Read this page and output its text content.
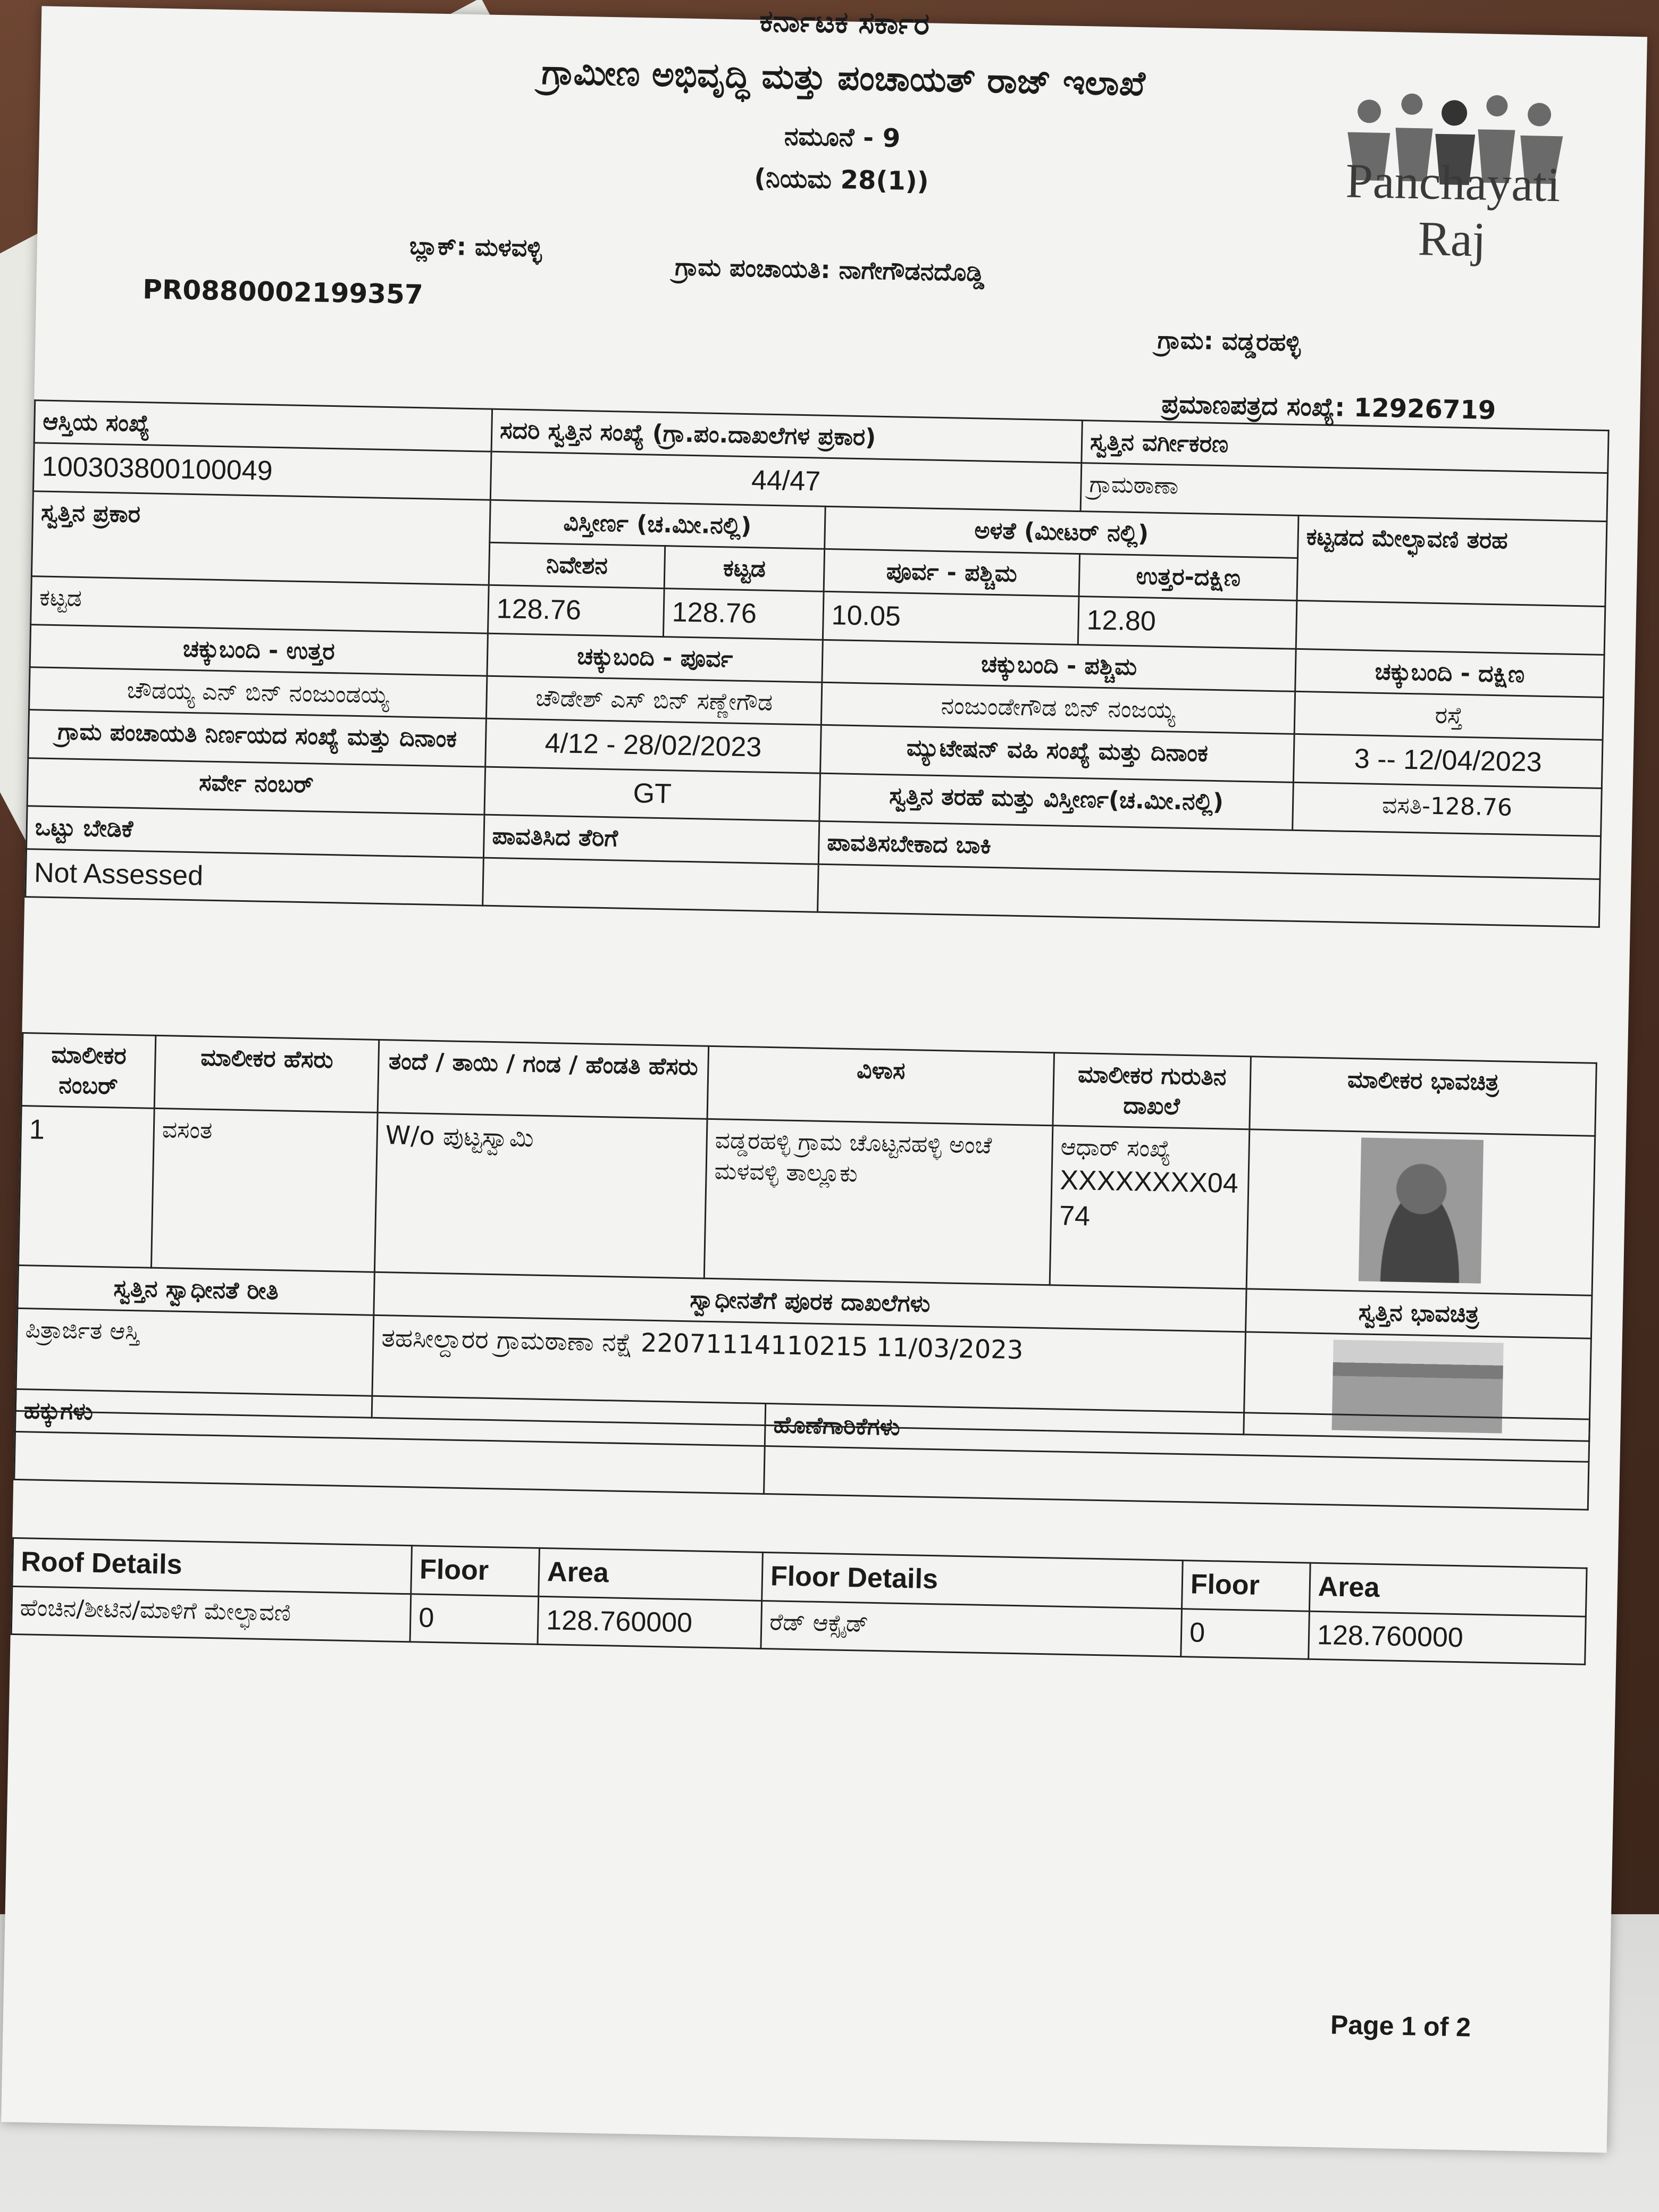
ಕರ್ನಾಟಕ ಸರ್ಕಾರ
ಗ್ರಾಮೀಣ ಅಭಿವೃದ್ಧಿ ಮತ್ತು ಪಂಚಾಯತ್ ರಾಜ್ ಇಲಾಖೆ
ನಮೂನೆ - 9
(ನಿಯಮ 28(1))	Panchayati Raj
ಬ್ಲಾಕ್: ಮಳವಳ್ಳಿ
ಗ್ರಾಮ ಪಂಚಾಯತಿ: ನಾಗೇಗೌಡನದೊಡ್ಡಿ
ಗ್ರಾಮ: ವಡ್ಡರಹಳ್ಳಿ
PR0880002199357
ಪ್ರಮಾಣಪತ್ರದ ಸಂಖ್ಯೆ: 12926719
ಆಸ್ತಿಯ ಸಂಖ್ಯೆ	ಸದರಿ ಸ್ವತ್ತಿನ ಸಂಖ್ಯೆ (ಗ್ರಾ.ಪಂ.ದಾಖಲೆಗಳ ಪ್ರಕಾರ)			ಸ್ವತ್ತಿನ ವರ್ಗೀಕರಣ	
100303800100049	44/47			ಗ್ರಾಮಠಾಣಾ	
ಸ್ವತ್ತಿನ ಪ್ರಕಾರ	ವಿಸ್ತೀರ್ಣ (ಚ.ಮೀ.ನಲ್ಲಿ)		ಅಳತೆ (ಮೀಟರ್ ನಲ್ಲಿ)		ಕಟ್ಟಡದ ಮೇಲ್ಛಾವಣಿ ತರಹ
	ನಿವೇಶನ	ಕಟ್ಟಡ	ಪೂರ್ವ - ಪಶ್ಚಿಮ	ಉತ್ತರ-ದಕ್ಷಿಣ	
ಕಟ್ಟಡ	128.76	128.76	10.05	12.80	
ಚಕ್ಕುಬಂದಿ - ಉತ್ತರ	ಚಕ್ಕುಬಂದಿ - ಪೂರ್ವ		ಚಕ್ಕುಬಂದಿ - ಪಶ್ಚಿಮ		ಚಕ್ಕುಬಂದಿ - ದಕ್ಷಿಣ
ಚೌಡಯ್ಯ ಎನ್ ಬಿನ್ ನಂಜುಂಡಯ್ಯ	ಚೌಡೇಶ್ ಎಸ್ ಬಿನ್ ಸಣ್ಣೇಗೌಡ		ನಂಜುಂಡೇಗೌಡ ಬಿನ್ ನಂಜಯ್ಯ		ರಸ್ತೆ
ಗ್ರಾಮ ಪಂಚಾಯತಿ ನಿರ್ಣಯದ ಸಂಖ್ಯೆ ಮತ್ತು ದಿನಾಂಕ	4/12 - 28/02/2023		ಮ್ಯುಟೇಷನ್ ವಹಿ ಸಂಖ್ಯೆ ಮತ್ತು ದಿನಾಂಕ		3 -- 12/04/2023
ಸರ್ವೇ ನಂಬರ್	GT		ಸ್ವತ್ತಿನ ತರಹೆ ಮತ್ತು ವಿಸ್ತೀರ್ಣ(ಚ.ಮೀ.ನಲ್ಲಿ)		ವಸತಿ-128.76
ಒಟ್ಟು ಬೇಡಿಕೆ	ಪಾವತಿಸಿದ ತೆರಿಗೆ		ಪಾವತಿಸಬೇಕಾದ ಬಾಕಿ		
Not Assessed					
ಮಾಲೀಕರ ನಂಬರ್	ಮಾಲೀಕರ ಹೆಸರು	ತಂದೆ / ತಾಯಿ / ಗಂಡ / ಹೆಂಡತಿ ಹೆಸರು	ವಿಳಾಸ	ಮಾಲೀಕರ ಗುರುತಿನ ದಾಖಲೆ	ಮಾಲೀಕರ ಭಾವಚಿತ್ರ
1	ವಸಂತ	W/o ಪುಟ್ಟಸ್ವಾಮಿ	ವಡ್ಡರಹಳ್ಳಿ ಗ್ರಾಮ ಚೊಟ್ಟನಹಳ್ಳಿ ಅಂಚೆ ಮಳವಳ್ಳಿ ತಾಲ್ಲೂಕು	ಆಧಾರ್ ಸಂಖ್ಯೆ
XXXXXXXX0474	

ಸ್ವತ್ತಿನ ಸ್ವಾಧೀನತೆ ರೀತಿ		ಸ್ವಾಧೀನತೆಗೆ ಪೂರಕ ದಾಖಲೆಗಳು			ಸ್ವತ್ತಿನ ಭಾವಚಿತ್ರ
ಪಿತ್ರಾರ್ಜಿತ ಆಸ್ತಿ		ತಹಸೀಲ್ದಾರರ ಗ್ರಾಮಠಾಣಾ ನಕ್ಷೆ 22071114110215 11/03/2023			
ಹಕ್ಕುಗಳು	ಹೊಣೆಗಾರಿಕೆಗಳು

Roof Details	Floor	Area	Floor Details	Floor	Area
ಹೆಂಚಿನ/ಶೀಟಿನ/ಮಾಳಿಗೆ ಮೇಲ್ಛಾವಣಿ	0	128.760000	ರೆಡ್ ಆಕ್ಸೈಡ್	0	128.760000
Page 1 of 2
